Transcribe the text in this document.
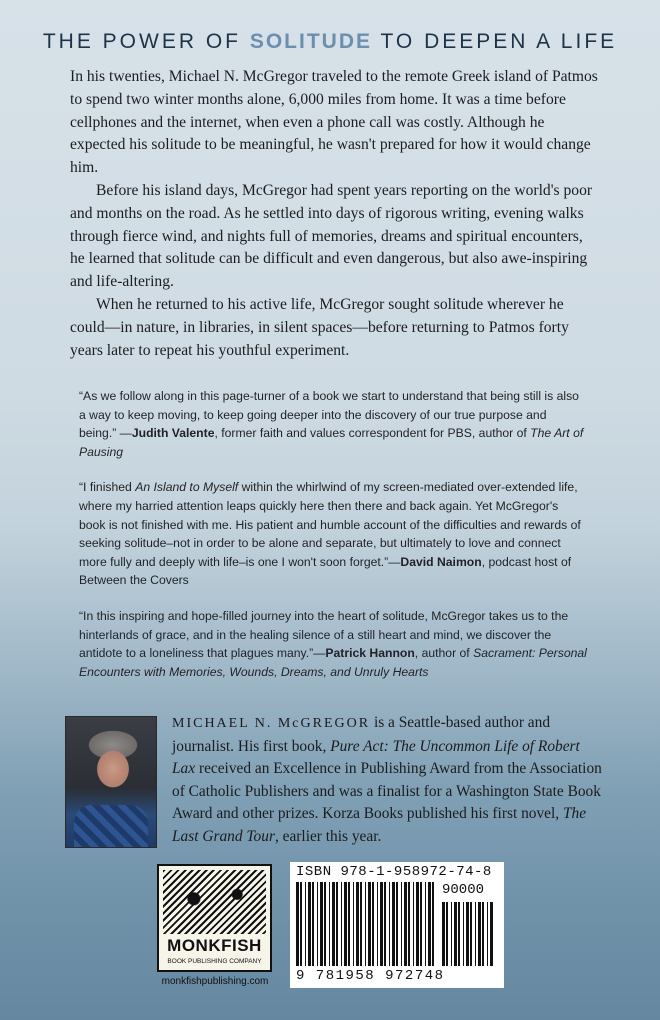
THE POWER OF SOLITUDE TO DEEPEN A LIFE

In his twenties, Michael N. McGregor traveled to the remote Greek island of Patmos to spend two winter months alone, 6,000 miles from home. It was a time before cellphones and the internet, when even a phone call was costly. Although he expected his solitude to be meaningful, he wasn't prepared for how it would change him.

Before his island days, McGregor had spent years reporting on the world's poor and months on the road. As he settled into days of rigorous writing, evening walks through fierce wind, and nights full of memories, dreams and spiritual encounters, he learned that solitude can be difficult and even dangerous, but also awe-inspiring and life-altering.

When he returned to his active life, McGregor sought solitude wherever he could—in nature, in libraries, in silent spaces—before returning to Patmos forty years later to repeat his youthful experiment.

“As we follow along in this page-turner of a book we start to understand that being still is also a way to keep moving, to keep going deeper into the discovery of our true purpose and being.” —Judith Valente, former faith and values correspondent for PBS, author of The Art of Pausing

“I finished An Island to Myself within the whirlwind of my screen-mediated over-extended life, where my harried attention leaps quickly here then there and back again. Yet McGregor's book is not finished with me. His patient and humble account of the difficulties and rewards of seeking solitude–not in order to be alone and separate, but ultimately to love and connect more fully and deeply with life–is one I won't soon forget.”—David Naimon, podcast host of Between the Covers

“In this inspiring and hope-filled journey into the heart of solitude, McGregor takes us to the hinterlands of grace, and in the healing silence of a still heart and mind, we discover the antidote to a loneliness that plagues many.”—Patrick Hannon, author of Sacrament: Personal Encounters with Memories, Wounds, Dreams, and Unruly Hearts

MICHAEL N. McGREGOR is a Seattle-based author and journalist. His first book, Pure Act: The Uncommon Life of Robert Lax received an Excellence in Publishing Award from the Association of Catholic Publishers and was a finalist for a Washington State Book Award and other prizes. Korza Books published his first novel, The Last Grand Tour, earlier this year.
MONKFISH
BOOK PUBLISHING COMPANY
monkfishpublishing.com
ISBN 978-1-958972-74-8
90000
9 781958 972748
